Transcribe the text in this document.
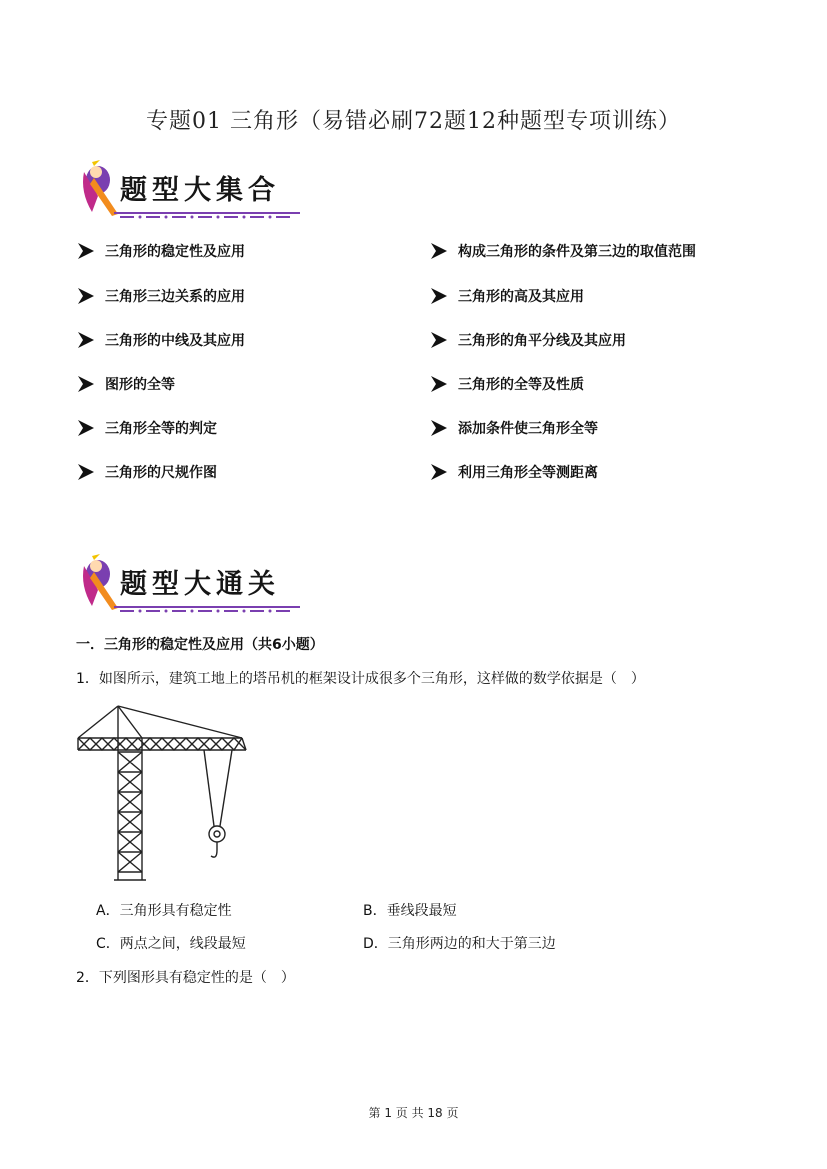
专题01 三角形（易错必刷72题12种题型专项训练）
题型大集合
三角形的稳定性及应用
三角形三边关系的应用
三角形的中线及其应用
图形的全等
三角形全等的判定
三角形的尺规作图
构成三角形的条件及第三边的取值范围
三角形的高及其应用
三角形的角平分线及其应用
三角形的全等及性质
添加条件使三角形全等
利用三角形全等测距离
题型大通关
一．三角形的稳定性及应用（共6小题）
1．如图所示，建筑工地上的塔吊机的框架设计成很多个三角形，这样做的数学依据是（　）
A．三角形具有稳定性	B．垂线段最短
C．两点之间，线段最短	D．三角形两边的和大于第三边
2．下列图形具有稳定性的是（　）
第 1 页 共 18 页
